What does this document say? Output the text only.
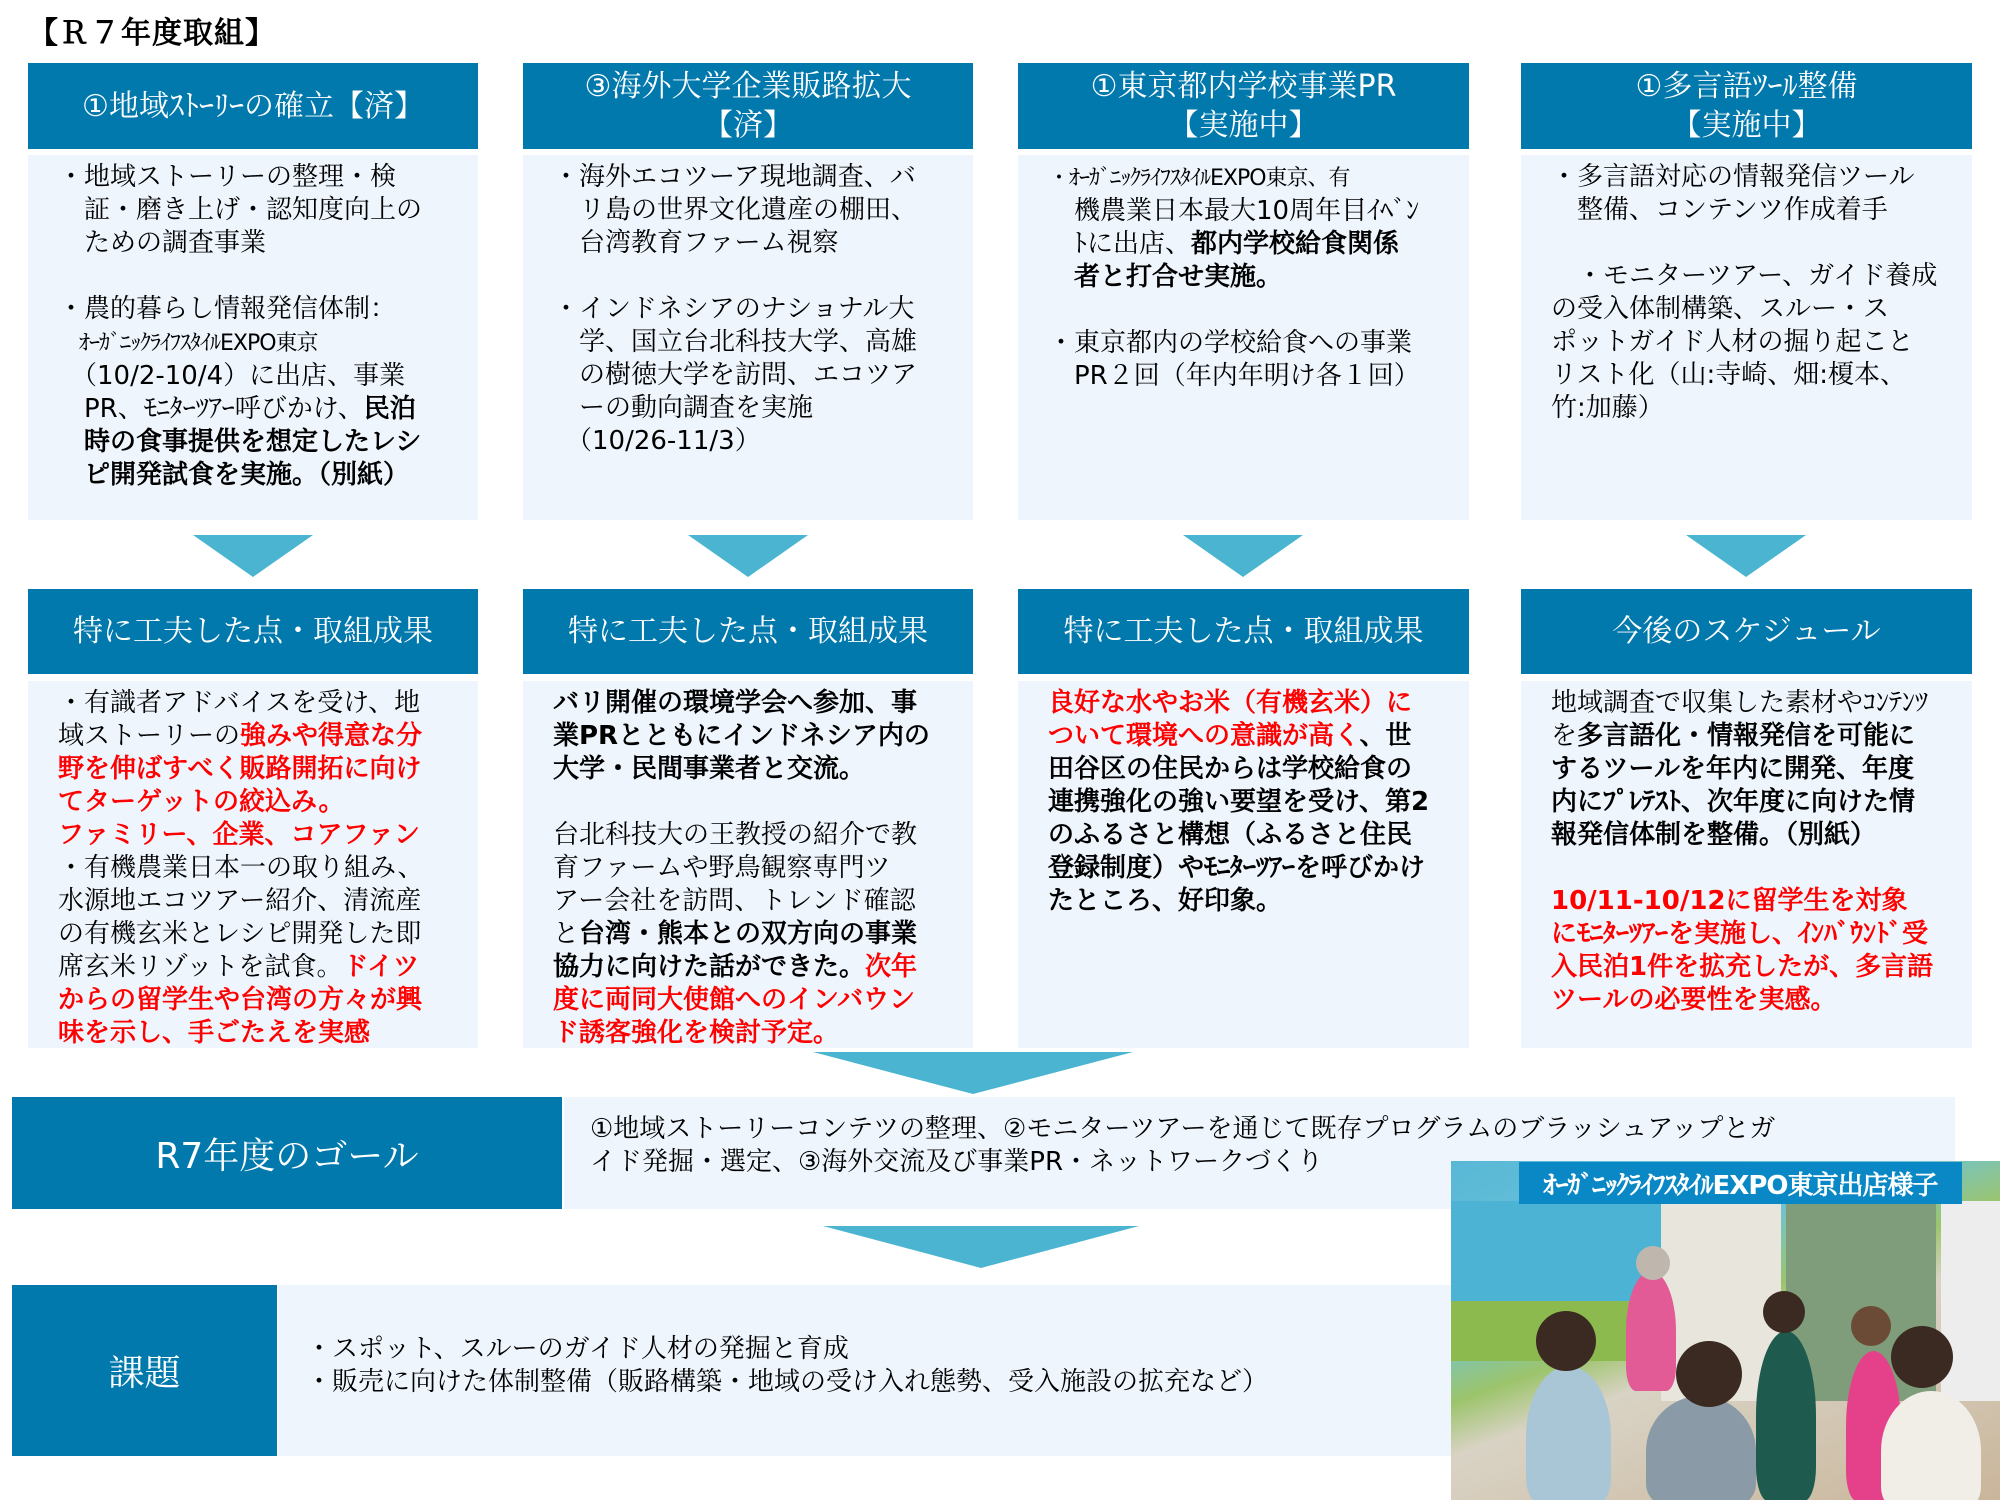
【Ｒ７年度取組】
①地域ｽﾄｰﾘｰの確立【済】

・地域ストーリーの整理・検

　証・磨き上げ・認知度向上の

　ための調査事業

・農的暮らし情報発信体制：

　ｵｰｶﾞﾆｯｸﾗｲﾌｽﾀｲﾙEXPO東京

　（10/2-10/4）に出店、事業

　PR、ﾓﾆﾀｰﾂｱｰ呼びかけ、民泊

　時の食事提供を想定したレシ

　ピ開発試食を実施。（別紙）

③海外大学企業販路拡大
【済】

・海外エコツーア現地調査、バ

　リ島の世界文化遺産の棚田、

　台湾教育ファーム視察

・インドネシアのナショナル大

　学、国立台北科技大学、高雄

　の樹徳大学を訪問、エコツア

　ーの動向調査を実施

　（10/26-11/3）

①東京都内学校事業PR
【実施中】

・ｵｰｶﾞﾆｯｸﾗｲﾌｽﾀｲﾙEXPO東京、有

　機農業日本最大10周年目ｲﾍﾞﾝ

　ﾄに出店、都内学校給食関係

　者と打合せ実施。

・東京都内の学校給食への事業

　PR２回（年内年明け各１回）

①多言語ﾂｰﾙ整備
【実施中】

・多言語対応の情報発信ツール

　整備、コンテンツ作成着手

　・モニターツアー、ガイド養成

の受入体制構築、スルー・ス

ポットガイド人材の掘り起こと

リスト化（山:寺崎、畑:榎本、

竹:加藤）

特に工夫した点・取組成果

・有識者アドバイスを受け、地

域ストーリーの強みや得意な分

野を伸ばすべく販路開拓に向け

てターゲットの絞込み。

ファミリー、企業、コアファン

・有機農業日本一の取り組み、

水源地エコツアー紹介、清流産

の有機玄米とレシピ開発した即

席玄米リゾットを試食。ドイツ

からの留学生や台湾の方々が興

味を示し、手ごたえを実感

特に工夫した点・取組成果

バリ開催の環境学会へ参加、事

業PRとともにインドネシア内の

大学・民間事業者と交流。

台北科技大の王教授の紹介で教

育ファームや野鳥観察専門ツ

アー会社を訪問、トレンド確認

と台湾・熊本との双方向の事業

協力に向けた話ができた。次年

度に両同大使館へのインバウン

ド誘客強化を検討予定。

特に工夫した点・取組成果

良好な水やお米（有機玄米）に

ついて環境への意識が高く、世

田谷区の住民からは学校給食の

連携強化の強い要望を受け、第2

のふるさと構想（ふるさと住民

登録制度）やﾓﾆﾀｰﾂｱｰを呼びかけ

たところ、好印象。

今後のスケジュール

地域調査で収集した素材やｺﾝﾃﾝﾂ

を多言語化・情報発信を可能に

するツールを年内に開発、年度

内にﾌﾟﾚﾃｽﾄ、次年度に向けた情

報発信体制を整備。（別紙）

10/11-10/12に留学生を対象

にﾓﾆﾀｰﾂｱｰを実施し、ｲﾝﾊﾞｳﾝﾄﾞ受

入民泊1件を拡充したが、多言語

ツールの必要性を実感。

R7年度のゴール
①地域ストーリーコンテツの整理、②モニターツアーを通じて既存プログラムのブラッシュアップとガ
イド発掘・選定、③海外交流及び事業PR・ネットワークづくり
課題
・スポット、スルーのガイド人材の発掘と育成
・販売に向けた体制整備（販路構築・地域の受け入れ態勢、受入施設の拡充など）
ｵｰｶﾞﾆｯｸﾗｲﾌｽﾀｲﾙEXPO東京出店様子
